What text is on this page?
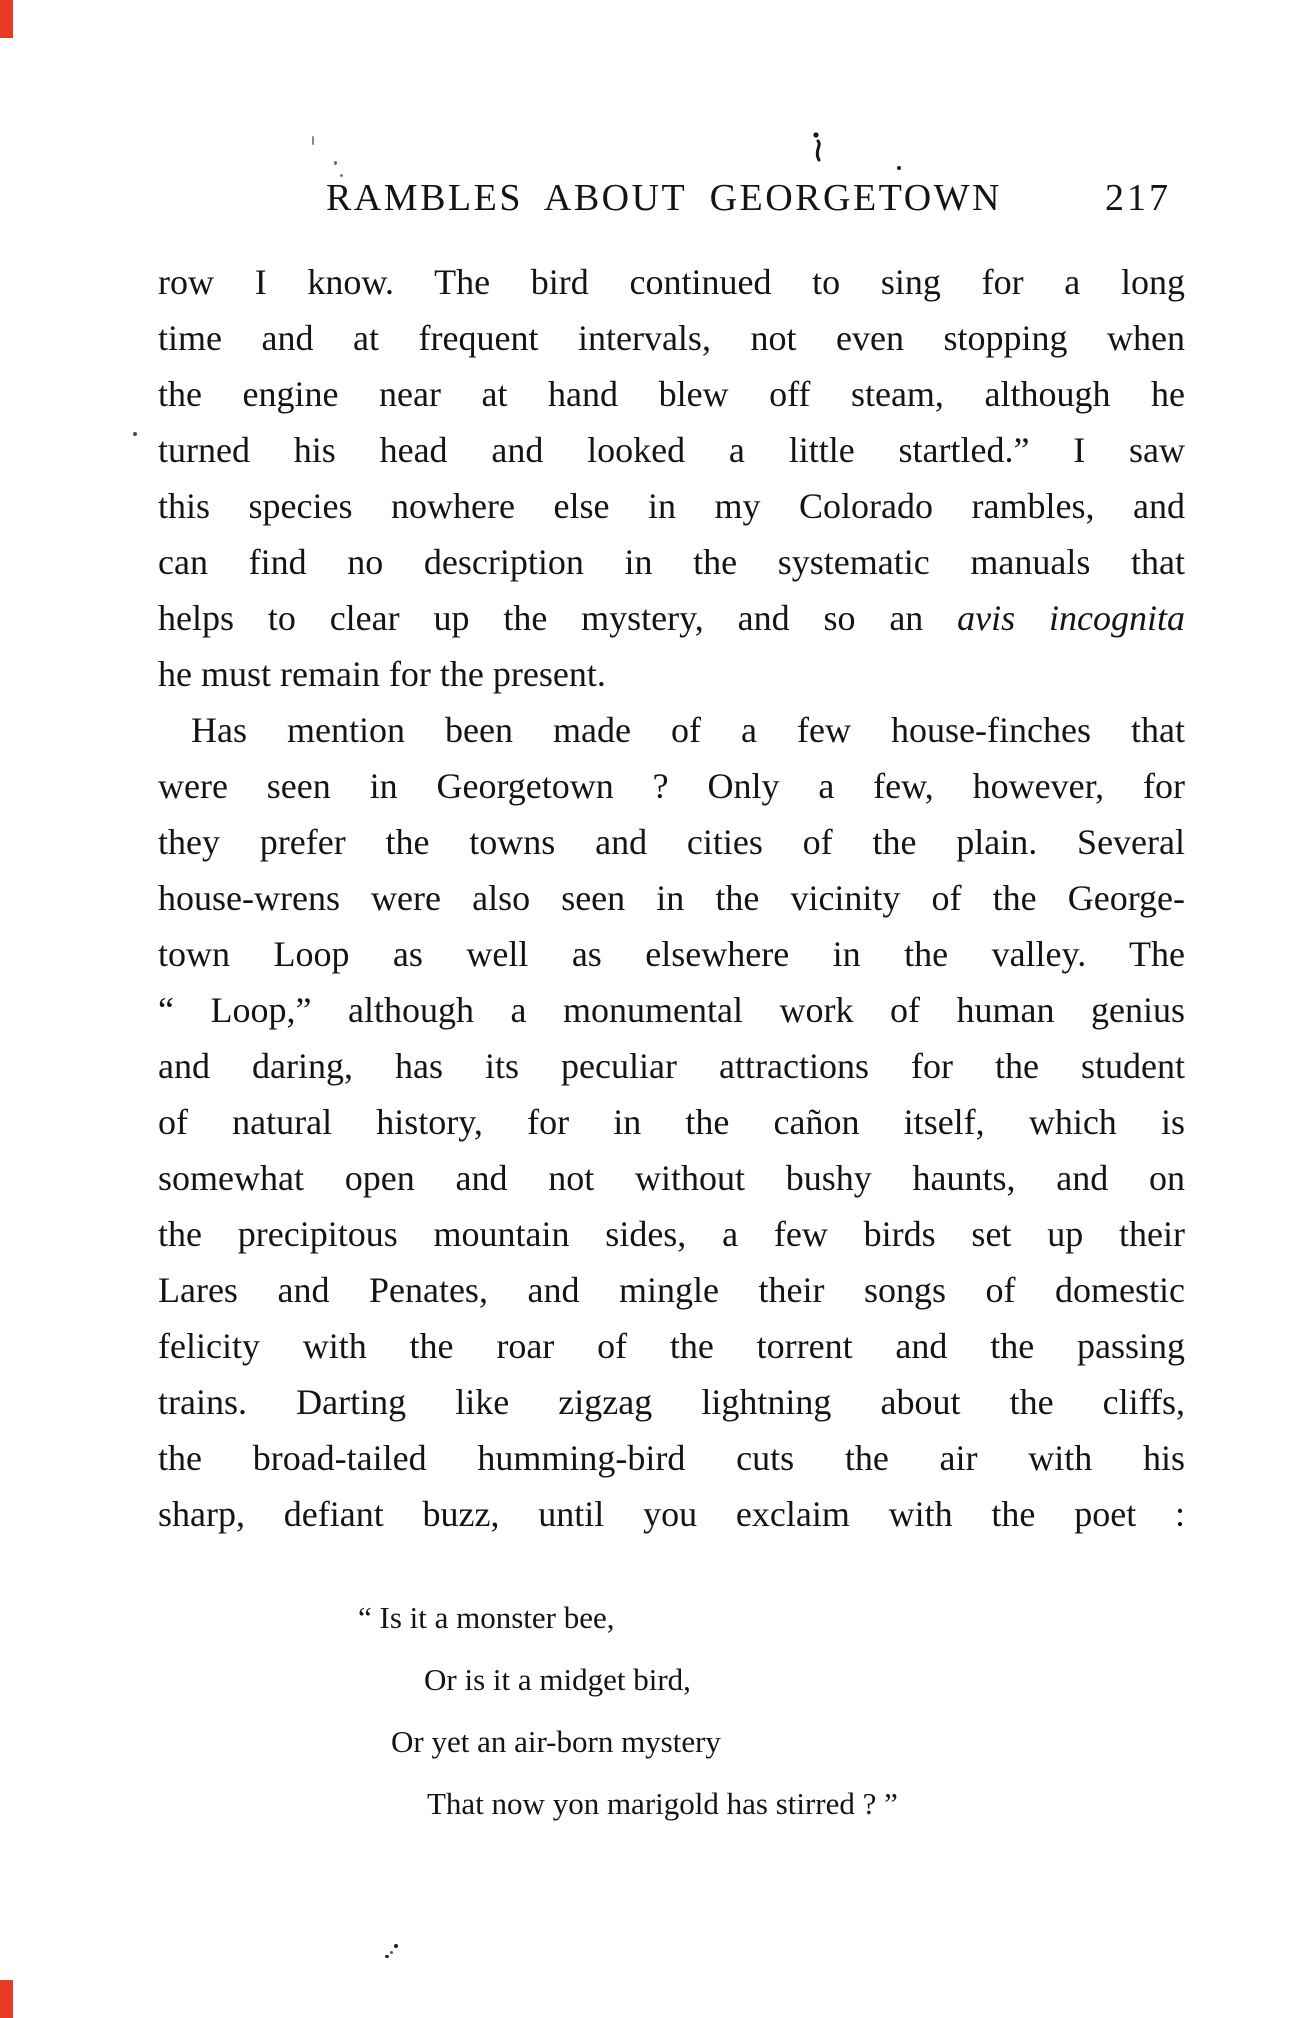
RAMBLES ABOUT GEORGETOWN	217
row I know. The bird continued to sing for a long
time and at frequent intervals, not even stopping when
the engine near at hand blew off steam, although he
turned his head and looked a little startled.” I saw
this species nowhere else in my Colorado rambles, and
can find no description in the systematic manuals that
helps to clear up the mystery, and so an avis incognita
he must remain for the present.
Has mention been made of a few house-finches that
were seen in Georgetown ? Only a few, however, for
they prefer the towns and cities of the plain. Several
house-wrens were also seen in the vicinity of the George-
town Loop as well as elsewhere in the valley. The
“ Loop,” although a monumental work of human genius
and daring, has its peculiar attractions for the student
of natural history, for in the cañon itself, which is
somewhat open and not without bushy haunts, and on
the precipitous mountain sides, a few birds set up their
Lares and Penates, and mingle their songs of domestic
felicity with the roar of the torrent and the passing
trains. Darting like zigzag lightning about the cliffs,
the broad-tailed humming-bird cuts the air with his
sharp, defiant buzz, until you exclaim with the poet :
“ Is it a monster bee,
Or is it a midget bird,
Or yet an air-born mystery
That now yon marigold has stirred ? ”
